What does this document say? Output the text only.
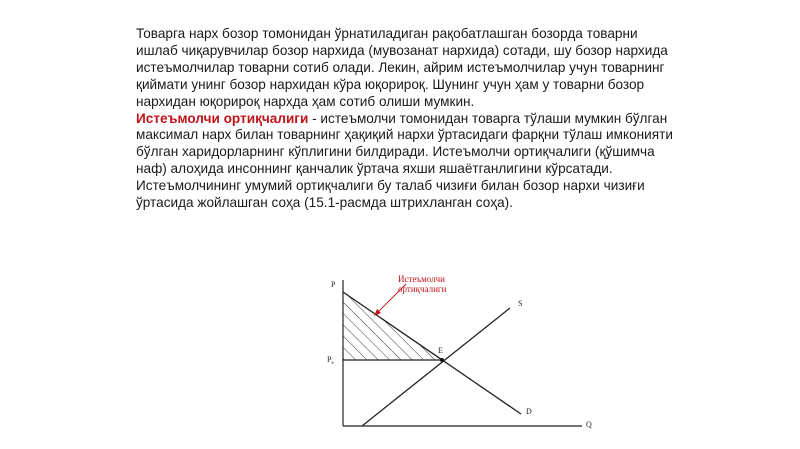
Товарга нарх бозор томонидан ўрнатиладиган рақобатлашган бозорда товарни ишлаб чиқарувчилар бозор нархида (мувозанат нархида) сотади, шу бозор нархида истеъмолчилар товарни сотиб олади. Лекин, айрим истеъмолчилар учун товарнинг қиймати унинг бозор нархидан кўра юқорироқ. Шунинг учун ҳам у товарни бозор нархидан юқорироқ нархда ҳам сотиб олиши мумкин.

Истеъмолчи ортиқчалиги - истеъмолчи томонидан товарга тўлаши мумкин бўлган максимал нарх билан товарнинг ҳақиқий нархи ўртасидаги фарқни тўлаш имконияти бўлган харидорларнинг кўплигини билдиради. Истеъмолчи ортиқчалиги (қўшимча наф) алоҳида инсоннинг қанчалик ўртача яхши яшаётганлигини кўрсатади. Истеъмолчининг умумий ортиқчалиги бу талаб чизиғи билан бозор нархи чизиғи ўртасида жойлашган соҳа (15.1-расмда штрихланган соҳа).

Истеъмолчи
ортиқчалиги
P
Q
$P_e$
E
S
D
